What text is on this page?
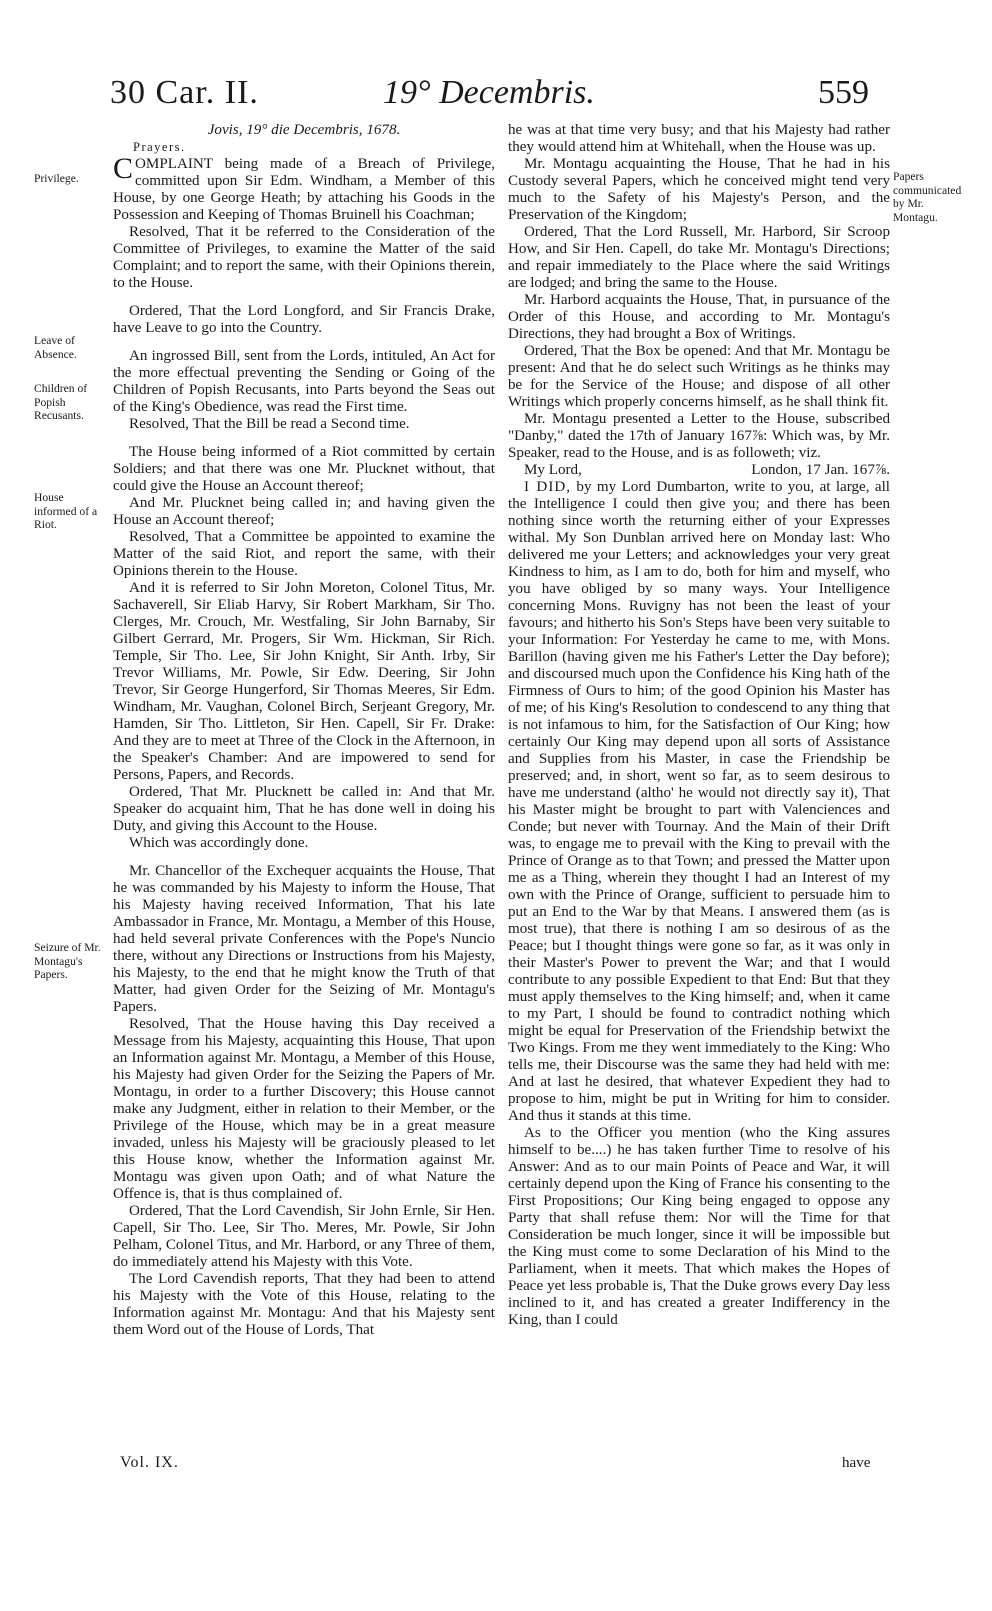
30 Car. II.	19° Decembris.	559
Privilege.
Leave of Absence.
Children of Popish Recusants.
House informed of a Riot.
Seizure of Mr. Montagu's Papers.
Papers communicated by Mr. Montagu.

Jovis, 19° die Decembris, 1678.

Prayers.

COMPLAINT being made of a Breach of Privilege, committed upon Sir Edm. Windham, a Member of this House, by one George Heath; by attaching his Goods in the Possession and Keeping of Thomas Bruinell his Coachman;

Resolved, That it be referred to the Consideration of the Committee of Privileges, to examine the Matter of the said Complaint; and to report the same, with their Opinions therein, to the House.

Ordered, That the Lord Longford, and Sir Francis Drake, have Leave to go into the Country.

An ingrossed Bill, sent from the Lords, intituled, An Act for the more effectual preventing the Sending or Going of the Children of Popish Recusants, into Parts beyond the Seas out of the King's Obedience, was read the First time.

Resolved, That the Bill be read a Second time.

The House being informed of a Riot committed by certain Soldiers; and that there was one Mr. Plucknet without, that could give the House an Account thereof;

And Mr. Plucknet being called in; and having given the House an Account thereof;

Resolved, That a Committee be appointed to examine the Matter of the said Riot, and report the same, with their Opinions therein to the House.

And it is referred to Sir John Moreton, Colonel Titus, Mr. Sachaverell, Sir Eliab Harvy, Sir Robert Markham, Sir Tho. Clerges, Mr. Crouch, Mr. Westfaling, Sir John Barnaby, Sir Gilbert Gerrard, Mr. Progers, Sir Wm. Hickman, Sir Rich. Temple, Sir Tho. Lee, Sir John Knight, Sir Anth. Irby, Sir Trevor Williams, Mr. Powle, Sir Edw. Deering, Sir John Trevor, Sir George Hungerford, Sir Thomas Meeres, Sir Edm. Windham, Mr. Vaughan, Colonel Birch, Serjeant Gregory, Mr. Hamden, Sir Tho. Littleton, Sir Hen. Capell, Sir Fr. Drake: And they are to meet at Three of the Clock in the Afternoon, in the Speaker's Chamber: And are impowered to send for Persons, Papers, and Records.

Ordered, That Mr. Plucknett be called in: And that Mr. Speaker do acquaint him, That he has done well in doing his Duty, and giving this Account to the House.

Which was accordingly done.

Mr. Chancellor of the Exchequer acquaints the House, That he was commanded by his Majesty to inform the House, That his Majesty having received Information, That his late Ambassador in France, Mr. Montagu, a Member of this House, had held several private Conferences with the Pope's Nuncio there, without any Directions or Instructions from his Majesty, his Majesty, to the end that he might know the Truth of that Matter, had given Order for the Seizing of Mr. Montagu's Papers.

Resolved, That the House having this Day received a Message from his Majesty, acquainting this House, That upon an Information against Mr. Montagu, a Member of this House, his Majesty had given Order for the Seizing the Papers of Mr. Montagu, in order to a further Discovery; this House cannot make any Judgment, either in relation to their Member, or the Privilege of the House, which may be in a great measure invaded, unless his Majesty will be graciously pleased to let this House know, whether the Information against Mr. Montagu was given upon Oath; and of what Nature the Offence is, that is thus complained of.

Ordered, That the Lord Cavendish, Sir John Ernle, Sir Hen. Capell, Sir Tho. Lee, Sir Tho. Meres, Mr. Powle, Sir John Pelham, Colonel Titus, and Mr. Harbord, or any Three of them, do immediately attend his Majesty with this Vote.

The Lord Cavendish reports, That they had been to attend his Majesty with the Vote of this House, relating to the Information against Mr. Montagu: And that his Majesty sent them Word out of the House of Lords, That

he was at that time very busy; and that his Majesty had rather they would attend him at Whitehall, when the House was up.

Mr. Montagu acquainting the House, That he had in his Custody several Papers, which he conceived might tend very much to the Safety of his Majesty's Person, and the Preservation of the Kingdom;

Ordered, That the Lord Russell, Mr. Harbord, Sir Scroop How, and Sir Hen. Capell, do take Mr. Montagu's Directions; and repair immediately to the Place where the said Writings are lodged; and bring the same to the House.

Mr. Harbord acquaints the House, That, in pursuance of the Order of this House, and according to Mr. Montagu's Directions, they had brought a Box of Writings.

Ordered, That the Box be opened: And that Mr. Montagu be present: And that he do select such Writings as he thinks may be for the Service of the House; and dispose of all other Writings which properly concerns himself, as he shall think fit.

Mr. Montagu presented a Letter to the House, subscribed "Danby," dated the 17th of January 167⅞: Which was, by Mr. Speaker, read to the House, and is as followeth; viz.

My Lord,	London, 17 Jan. 167⅞.

I DID, by my Lord Dumbarton, write to you, at large, all the Intelligence I could then give you; and there has been nothing since worth the returning either of your Expresses withal. My Son Dunblan arrived here on Monday last: Who delivered me your Letters; and acknowledges your very great Kindness to him, as I am to do, both for him and myself, who you have obliged by so many ways. Your Intelligence concerning Mons. Ruvigny has not been the least of your favours; and hitherto his Son's Steps have been very suitable to your Information: For Yesterday he came to me, with Mons. Barillon (having given me his Father's Letter the Day before); and discoursed much upon the Confidence his King hath of the Firmness of Ours to him; of the good Opinion his Master has of me; of his King's Resolution to condescend to any thing that is not infamous to him, for the Satisfaction of Our King; how certainly Our King may depend upon all sorts of Assistance and Supplies from his Master, in case the Friendship be preserved; and, in short, went so far, as to seem desirous to have me understand (altho' he would not directly say it), That his Master might be brought to part with Valenciences and Conde; but never with Tournay. And the Main of their Drift was, to engage me to prevail with the King to prevail with the Prince of Orange as to that Town; and pressed the Matter upon me as a Thing, wherein they thought I had an Interest of my own with the Prince of Orange, sufficient to persuade him to put an End to the War by that Means. I answered them (as is most true), that there is nothing I am so desirous of as the Peace; but I thought things were gone so far, as it was only in their Master's Power to prevent the War; and that I would contribute to any possible Expedient to that End: But that they must apply themselves to the King himself; and, when it came to my Part, I should be found to contradict nothing which might be equal for Preservation of the Friendship betwixt the Two Kings. From me they went immediately to the King: Who tells me, their Discourse was the same they had held with me: And at last he desired, that whatever Expedient they had to propose to him, might be put in Writing for him to consider. And thus it stands at this time.

As to the Officer you mention (who the King assures himself to be....) he has taken further Time to resolve of his Answer: And as to our main Points of Peace and War, it will certainly depend upon the King of France his consenting to the First Propositions; Our King being engaged to oppose any Party that shall refuse them: Nor will the Time for that Consideration be much longer, since it will be impossible but the King must come to some Declaration of his Mind to the Parliament, when it meets. That which makes the Hopes of Peace yet less probable is, That the Duke grows every Day less inclined to it, and has created a greater Indifferency in the King, than I could

Vol. IX.	have
